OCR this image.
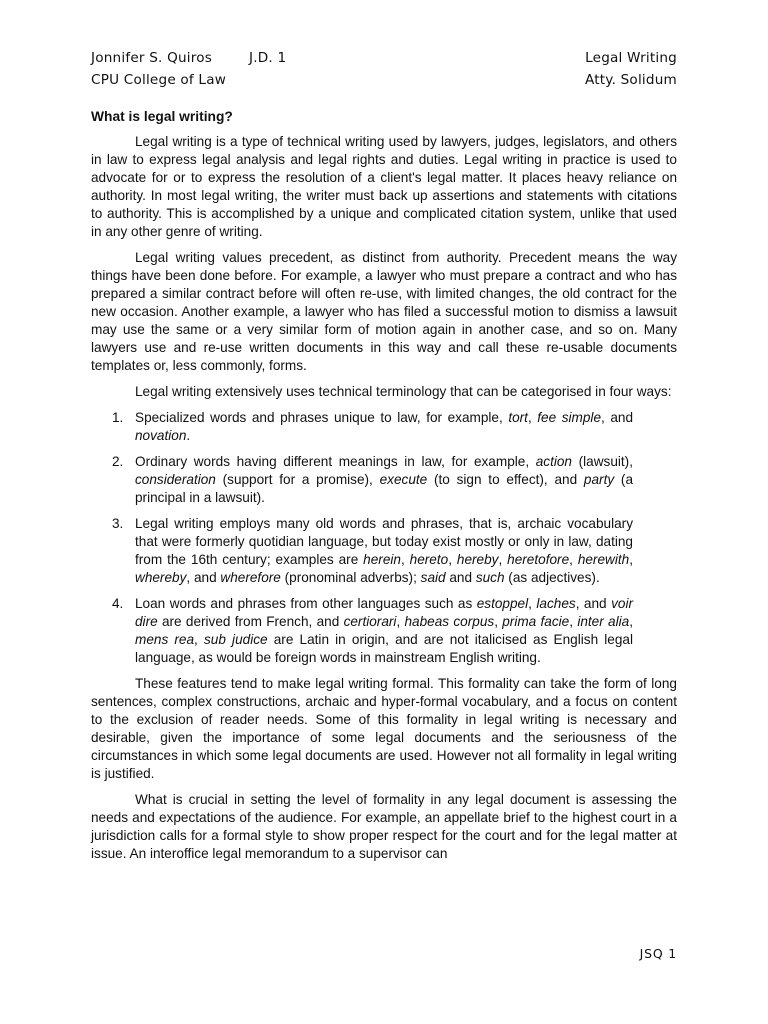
Jonnifer S. Quiros	J.D. 1	Legal Writing
CPU College of Law	Atty. Solidum
What is legal writing?

Legal writing is a type of technical writing used by lawyers, judges, legislators, and others in law to express legal analysis and legal rights and duties. Legal writing in practice is used to advocate for or to express the resolution of a client's legal matter. It places heavy reliance on authority. In most legal writing, the writer must back up assertions and statements with citations to authority. This is accomplished by a unique and complicated citation system, unlike that used in any other genre of writing.

Legal writing values precedent, as distinct from authority. Precedent means the way things have been done before. For example, a lawyer who must prepare a contract and who has prepared a similar contract before will often re-use, with limited changes, the old contract for the new occasion. Another example, a lawyer who has filed a successful motion to dismiss a lawsuit may use the same or a very similar form of motion again in another case, and so on. Many lawyers use and re-use written documents in this way and call these re-usable documents templates or, less commonly, forms.

Legal writing extensively uses technical terminology that can be categorised in four ways:

1. Specialized words and phrases unique to law, for example, tort, fee simple, and novation.
2. Ordinary words having different meanings in law, for example, action (lawsuit), consideration (support for a promise), execute (to sign to effect), and party (a principal in a lawsuit).
3. Legal writing employs many old words and phrases, that is, archaic vocabulary that were formerly quotidian language, but today exist mostly or only in law, dating from the 16th century; examples are herein, hereto, hereby, heretofore, herewith, whereby, and wherefore (pronominal adverbs); said and such (as adjectives).
4. Loan words and phrases from other languages such as estoppel, laches, and voir dire are derived from French, and certiorari, habeas corpus, prima facie, inter alia, mens rea, sub judice are Latin in origin, and are not italicised as English legal language, as would be foreign words in mainstream English writing.

These features tend to make legal writing formal. This formality can take the form of long sentences, complex constructions, archaic and hyper-formal vocabulary, and a focus on content to the exclusion of reader needs. Some of this formality in legal writing is necessary and desirable, given the importance of some legal documents and the seriousness of the circumstances in which some legal documents are used. However not all formality in legal writing is justified.

What is crucial in setting the level of formality in any legal document is assessing the needs and expectations of the audience. For example, an appellate brief to the highest court in a jurisdiction calls for a formal style to show proper respect for the court and for the legal matter at issue. An interoffice legal memorandum to a supervisor can

JSQ 1
